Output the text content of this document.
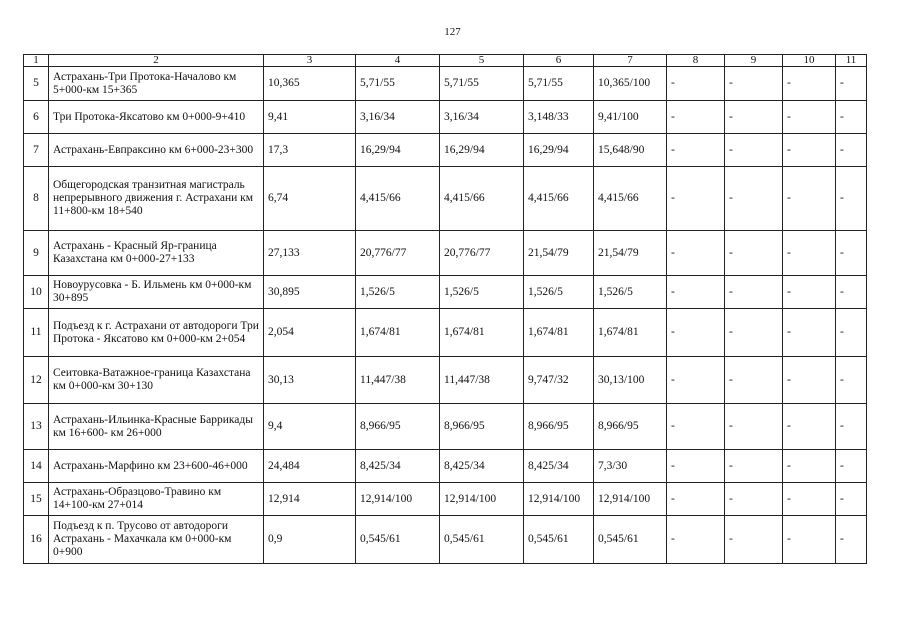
127
1	2	3	4	5	6	7	8	9	10	11
5	Астрахань-Три Протока-Началово км 5+000-км 15+365	10,365	5,71/55	5,71/55	5,71/55	10,365/100	-	-	-	-
6	Три Протока-Яксатово км 0+000-9+410	9,41	3,16/34	3,16/34	3,148/33	9,41/100	-	-	-	-
7	Астрахань-Евпраксино км 6+000-23+300	17,3	16,29/94	16,29/94	16,29/94	15,648/90	-	-	-	-
8	Общегородская транзитная магистраль непрерывного движения г. Астрахани км 11+800-км 18+540	6,74	4,415/66	4,415/66	4,415/66	4,415/66	-	-	-	-
9	Астрахань - Красный Яр-граница Казахстана км 0+000-27+133	27,133	20,776/77	20,776/77	21,54/79	21,54/79	-	-	-	-
10	Новоурусовка - Б. Ильмень км 0+000-км 30+895	30,895	1,526/5	1,526/5	1,526/5	1,526/5	-	-	-	-
11	Подъезд к г. Астрахани от автодороги Три Протока - Яксатово км 0+000-км 2+054	2,054	1,674/81	1,674/81	1,674/81	1,674/81	-	-	-	-
12	Сеитовка-Ватажное-граница Казахстана км 0+000-км 30+130	30,13	11,447/38	11,447/38	9,747/32	30,13/100	-	-	-	-
13	Астрахань-Ильинка-Красные Баррикады км 16+600- км 26+000	9,4	8,966/95	8,966/95	8,966/95	8,966/95	-	-	-	-
14	Астрахань-Марфино км 23+600-46+000	24,484	8,425/34	8,425/34	8,425/34	7,3/30	-	-	-	-
15	Астрахань-Образцово-Травино км 14+100-км 27+014	12,914	12,914/100	12,914/100	12,914/100	12,914/100	-	-	-	-
16	Подъезд к п. Трусово от автодороги Астрахань - Махачкала км 0+000-км 0+900	0,9	0,545/61	0,545/61	0,545/61	0,545/61	-	-	-	-
